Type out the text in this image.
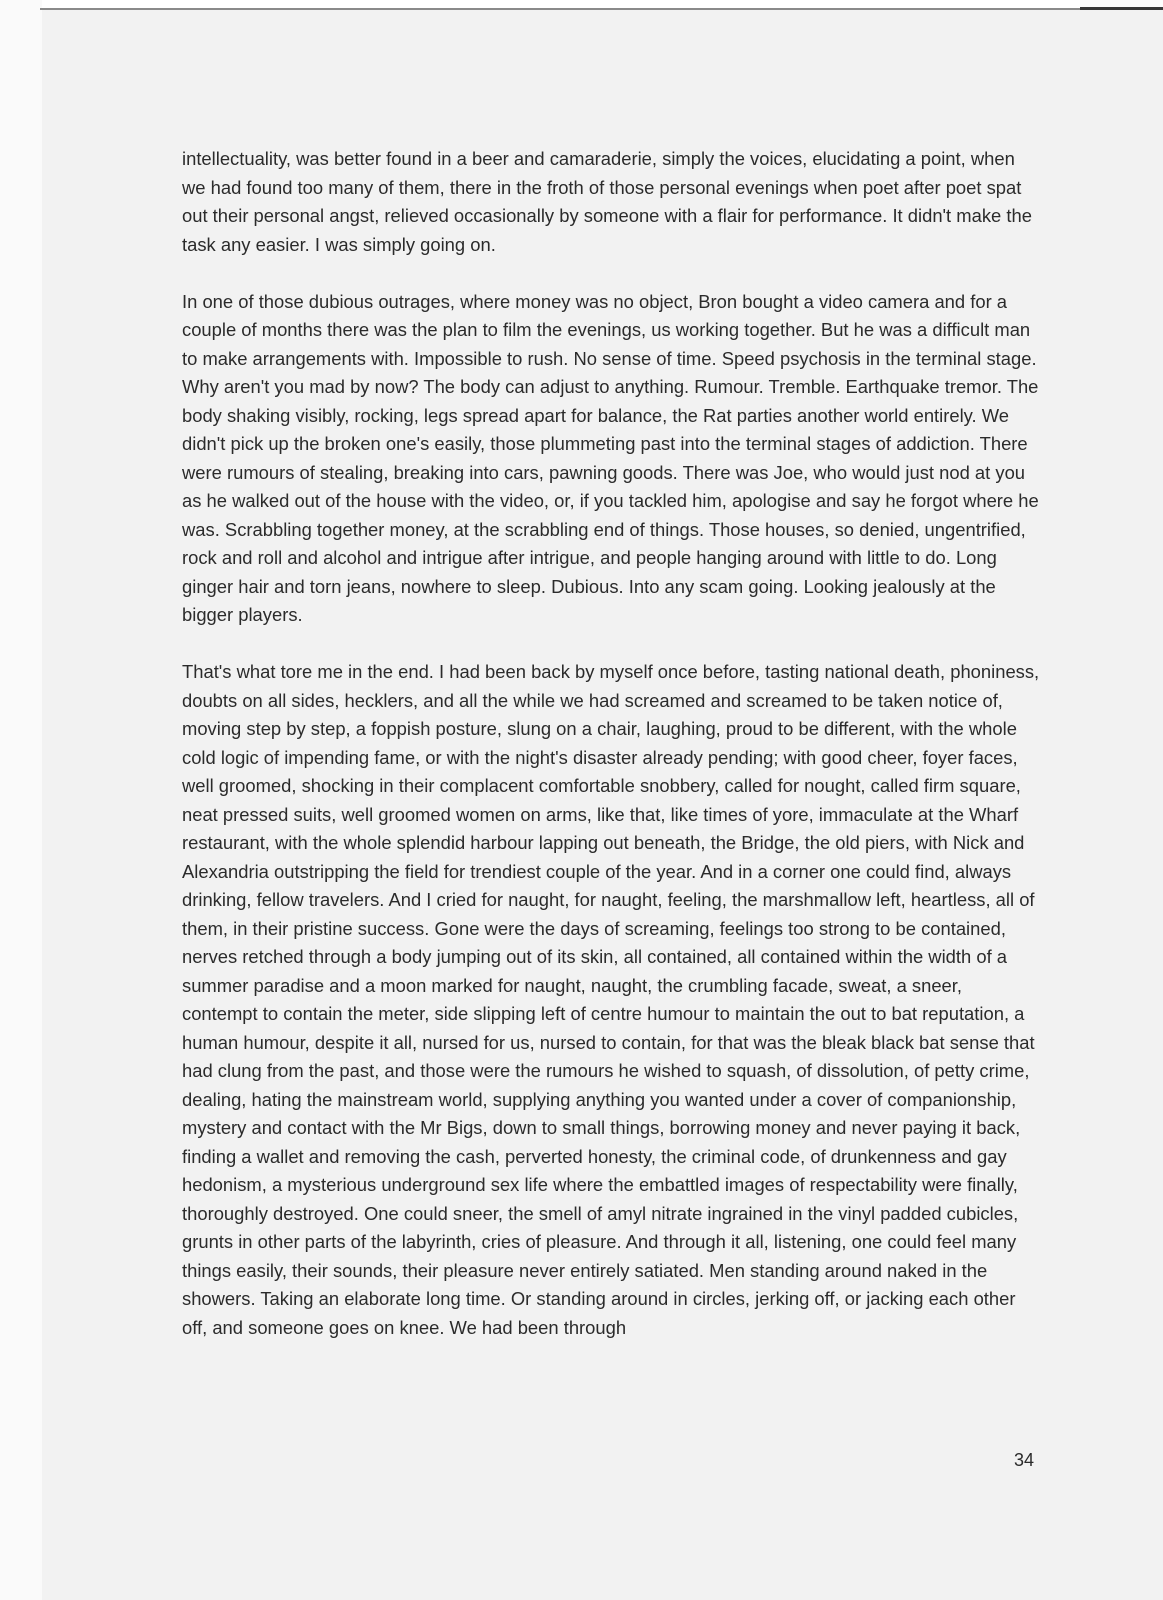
intellectuality, was better found in a beer and camaraderie, simply the voices, elucidating a point, when we had found too many of them, there in the froth of those personal evenings when poet after poet spat out their personal angst, relieved occasionally by someone with a flair for performance. It didn't make the task any easier. I was simply going on.

In one of those dubious outrages, where money was no object, Bron bought a video camera and for a couple of months there was the plan to film the evenings, us working together. But he was a difficult man to make arrangements with. Impossible to rush. No sense of time. Speed psychosis in the terminal stage. Why aren't you mad by now? The body can adjust to anything. Rumour. Tremble. Earthquake tremor. The body shaking visibly, rocking, legs spread apart for balance, the Rat parties another world entirely. We didn't pick up the broken one's easily, those plummeting past into the terminal stages of addiction. There were rumours of stealing, breaking into cars, pawning goods. There was Joe, who would just nod at you as he walked out of the house with the video, or, if you tackled him, apologise and say he forgot where he was. Scrabbling together money, at the scrabbling end of things. Those houses, so denied, ungentrified, rock and roll and alcohol and intrigue after intrigue, and people hanging around with little to do. Long ginger hair and torn jeans, nowhere to sleep. Dubious. Into any scam going. Looking jealously at the bigger players.

That's what tore me in the end. I had been back by myself once before, tasting national death, phoniness, doubts on all sides, hecklers, and all the while we had screamed and screamed to be taken notice of, moving step by step, a foppish posture, slung on a chair, laughing, proud to be different, with the whole cold logic of impending fame, or with the night's disaster already pending; with good cheer, foyer faces, well groomed, shocking in their complacent comfortable snobbery, called for nought, called firm square, neat pressed suits, well groomed women on arms, like that, like times of yore, immaculate at the Wharf restaurant, with the whole splendid harbour lapping out beneath, the Bridge, the old piers, with Nick and Alexandria outstripping the field for trendiest couple of the year. And in a corner one could find, always drinking, fellow travelers. And I cried for naught, for naught, feeling, the marshmallow left, heartless, all of them, in their pristine success. Gone were the days of screaming, feelings too strong to be contained, nerves retched through a body jumping out of its skin, all contained, all contained within the width of a summer paradise and a moon marked for naught, naught, the crumbling facade, sweat, a sneer, contempt to contain the meter, side slipping left of centre humour to maintain the out to bat reputation, a human humour, despite it all, nursed for us, nursed to contain, for that was the bleak black bat sense that had clung from the past, and those were the rumours he wished to squash, of dissolution, of petty crime, dealing, hating the mainstream world, supplying anything you wanted under a cover of companionship, mystery and contact with the Mr Bigs, down to small things, borrowing money and never paying it back, finding a wallet and removing the cash, perverted honesty, the criminal code, of drunkenness and gay hedonism, a mysterious underground sex life where the embattled images of respectability were finally, thoroughly destroyed. One could sneer, the smell of amyl nitrate ingrained in the vinyl padded cubicles, grunts in other parts of the labyrinth, cries of pleasure. And through it all, listening, one could feel many things easily, their sounds, their pleasure never entirely satiated. Men standing around naked in the showers. Taking an elaborate long time. Or standing around in circles, jerking off, or jacking each other off, and someone goes on knee. We had been through

34
